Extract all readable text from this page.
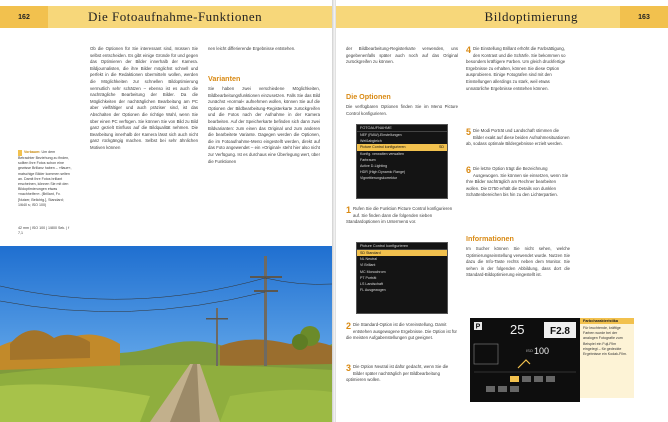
162	Die Fotoaufnahme-Funktionen
Vorbaum: Um dem Betrachter Beziehung zu finden, sollten Ihre Fotos schon eine gewisse Brillanz haben – »flaue«, matschige Bilder kommen selten an. Damit Ihre Fotos brillant erscheinen, können Sie mit den Bildoptimierungen etwas »nachhelfen«. (Brillant, Fv. [Nutzer, Belichtg.], Standard; 1/640 s; ISO 100)
42 mm | ISO 100 | 1/800 Sek. | f 7,1

Ob die Optionen für Sie interessant sind, müssen Sie selbst entscheiden. Es gibt einige Gründe für und gegen das Optimieren der Bilder innerhalb der Kamera. Bildjournalisten, die ihre Bilder möglichst schnell und perfekt in die Redaktionen übermitteln wollen, werden die Möglichkeiten zur schnellen Bildoptimierung vermutlich sehr schätzen – ebenso ist es auch die nachträgliche Bearbeitung der Bilder. Da die Möglichkeiten der nachträglichen Bearbeitung am PC aber vielfältiger und auch präziser sind, ist das Abschalten der Optionen die richtige Wahl, wenn Sie über einen PC verfügen. Sie können Sie von Bild zu Bild ganz gezielt Einfluss auf die Bildqualität nehmen. Die Bearbeitung innerhalb der Kamera lässt sich auch nicht ganz rückgängig machen. Selbst bei sehr ähnlichen Motiven können

nen leicht differierende Ergebnisse entstehen.
Varianten

Sie haben zwei verschiedene Möglichkeiten, Bildbearbeitungsfunktionen einzusetzen. Falls Sie das Bild zunächst »normal« aufnehmen wollen, können Sie auf die Optionen der Bildbearbeitung-Registerkarte zurückgreifen und die Fotos nach der Aufnahme in der Kamera bearbeiten. Auf der Speicherkarte befinden sich dann zwei Bildvarianten: zum einen das Original und zum anderen die bearbeitete Variante. Dagegen werden die Optionen, die im Fotoaufnahme-Menü eingestellt werden, direkt auf das Foto angewendet – ein »Original« steht hier also nicht zur Verfügung. Ist es durchaus eine Überlegung wert, über die Funktionen

Bildoptimierung	163
der Bildbearbeitung-Registerkarte verwenden, uns gegebenenfalls später auch noch auf das Original zurückgreifen zu können.
Die Optionen
Die verfügbaren Optionen finden Sie im Menü Picture Control konfigurieren.
FOTOAUFNAHME
NEF (RAW)-Einstellungen
Weißabgleich
Picture Control konfigurieren	SD
Konfig. verwalten verwalten
Farbraum
Active D-Lighting
HDR (High Dynamic Range)
Vignettierungskorrektur
1 Rufen Sie die Funktion Picture Control konfigurieren auf. Sie finden dann die folgenden sieben Standardoptionen im Untermenü vor.
Picture Control konfigurieren
SD Standard
NL Neutral
VI Brillant
MC Monochrom
PT Porträt
LS Landschaft
FL Ausgewogen
2 Die Standard-Option ist die Voreinstellung. Damit entstehen ausgewogene Ergebnisse. Die Option ist für die meisten Aufgabenstellungen gut geeignet.
3 Die Option Neutral ist dafür gedacht, wenn Sie die Bilder später nachträglich per Bildbearbeitung optimieren wollen.
4 Die Einstellung Brillant erhöht die Farbsättigung, den Kontrast und die Schärfe. Sie bekommen so besonders kräftigere Farben. Um gleich druckfertige Ergebnisse zu erhalten, können Sie diese Option ausprobieren. Einige Fotografen sind mit den Einstellungen allerdings zu stark, weil etwas unnatürliche Ergebnisse entstehen können.
5 Die Modi Porträt und Landschaft stimmen die Bilder exakt auf diese beiden Aufnahmesituationen ab, sodass optimale Bildergebnisse erzielt werden.
6 Die letzte Option trägt die Bezeichnung Ausgewogen. Sie können sie einsetzen, wenn Sie Ihre Bilder nachträglich am Rechner bearbeiten wollen. Die D750 erhält die Details von dunklen Schattenbereichen bis hin zu den Lichterpartien.
Informationen
Im Sucher können Sie nicht sehen, welche Optimierungseinstellung verwendet wurde. Nutzen Sie dazu die Info-Taste rechts neben dem Monitor. Sie sehen in der folgenden Abbildung, dass dort die Standard-Bildoptimierung eingestellt ist.
P 25	F2.8
ISO 100
Farbcharakteristika
Für leuchtende, kräftige Farben wurde bei der analogen Fotografie zum Beispiel ein Fuji-Film eingelegt – für gedeckte Ergebnisse ein Kodak-Film.
